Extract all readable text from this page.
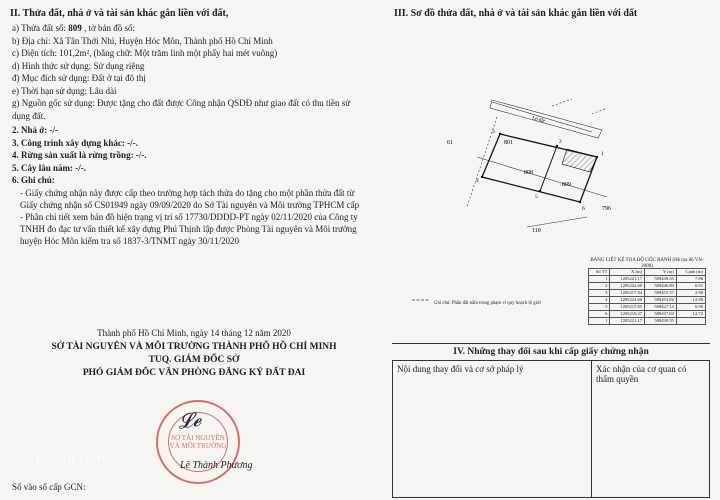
II. Thửa đất, nhà ở và tài sản khác gắn liền với đất,
a) Thửa đất số: 809 , tờ bản đồ số:
b) Địa chỉ: Xã Tân Thới Nhì, Huyện Hóc Môn, Thành phố Hồ Chí Minh
c) Diện tích: 101,2m², (bằng chữ: Một trăm linh một phẩy hai mét vuông)
d) Hình thức sử dụng: Sử dụng riêng
đ) Mục đích sử dụng: Đất ở tại đô thị
e) Thời hạn sử dụng: Lâu dài
g) Nguồn gốc sử dụng: Được tặng cho đất được Công nhận QSDĐ như giao đất có thu tiền sử dụng đất.
2. Nhà ở: -/-
3. Công trình xây dựng khác: -/-.
4. Rừng sản xuất là rừng trồng: -/-.
5. Cây lâu năm: -/-.
6. Ghi chú:
- Giấy chứng nhận này được cấp theo trường hợp tách thửa do tặng cho một phần thửa đất từ Giấy chứng nhận số CS01949 ngày 09/09/2020 do Sở Tài nguyên và Môi trường TPHCM cấp
- Phần chi tiết xem bản đồ hiện trạng vị trí số 17730/DDDD-PT ngày 02/11/2020 của Công ty TNHH đo đạc tư vấn thiết kế xây dựng Phú Thịnh lập được Phòng Tài nguyên và Môi trường huyện Hóc Môn kiểm tra số 1837-3/TNMT ngày 30/11/2020
Thành phố Hồ Chí Minh, ngày 14 tháng 12 năm 2020
SỞ TÀI NGUYÊN VÀ MÔI TRƯỜNG THÀNH PHỐ HỒ CHÍ MINH
TUQ. GIÁM ĐỐC SỞ
PHÓ GIÁM ĐỐC VĂN PHÒNG ĐĂNG KÝ ĐẤT ĐAI
SỞ TÀI NGUYÊN VÀ MÔI TRƯỜNG
𝓛𝓮
Lê Thành Phương
Ⓢ nhatot.com
Số vào sổ cấp GCN:
III. Sơ đồ thửa đất, nhà ở và tài sản khác gắn liền với đất
Lô đất
61	801
808
809
110
796
1
2
3
4
5
6
Ghi chú: Phần đất nằm trong phạm vi quy hoạch lộ giới
BẢNG LIỆT KÊ TỌA ĐỘ GÓC RANH (Hệ tọa độ VN-2000)
Số TT	X (m)	Y (m)	Cạnh (m)
1	1205221.17	589439.35	7.86
2	1205222.60	589446.89	6.91
3	1205217.84	589453.37	2.88
4	1205224.60	589453.82	12.88
5	1205215.85	589427.14	6.90
6	1205210.27	589437.63	12.72
1	1205221.17	589439.35	
IV. Những thay đổi sau khi cấp giấy chứng nhận
Nội dung thay đổi và cơ sở pháp lý	Xác nhận của cơ quan có thẩm quyền
